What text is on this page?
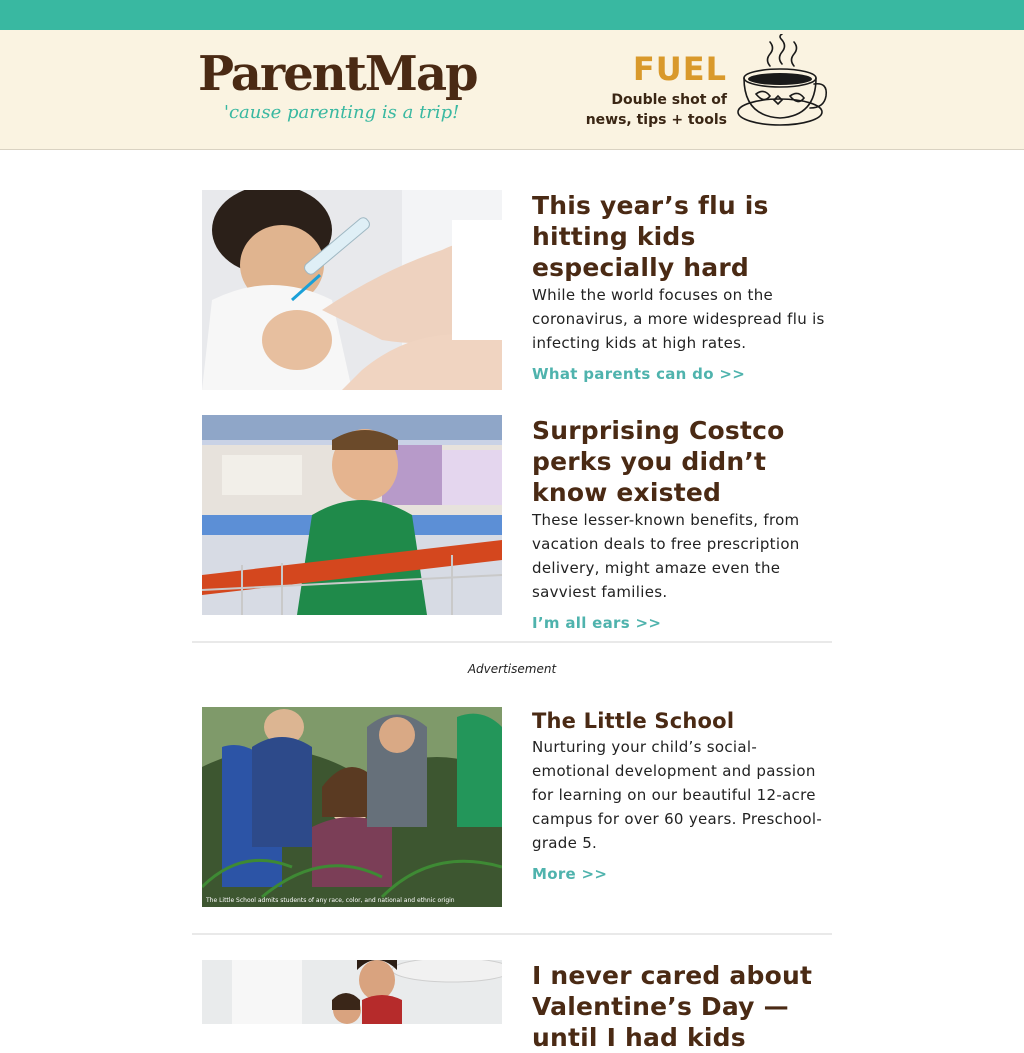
ParentMap
'cause parenting is a trip!
FUEL
Double shot of
news, tips + tools
This year’s flu is hitting kids especially hard

While the world focuses on the coronavirus, a more widespread flu is infecting kids at high rates.

What parents can do >>
Surprising Costco perks you didn’t know existed

These lesser-known benefits, from vacation deals to free prescription delivery, might amaze even the savviest families.

I’m all ears >>
Advertisement
The Little School admits students of any race, color, and national and ethnic origin
The Little School

Nurturing your child’s social-emotional development and passion for learning on our beautiful 12-acre campus for over 60 years. Preschool-grade 5.

More >>
I never cared about Valentine’s Day — until I had kids
